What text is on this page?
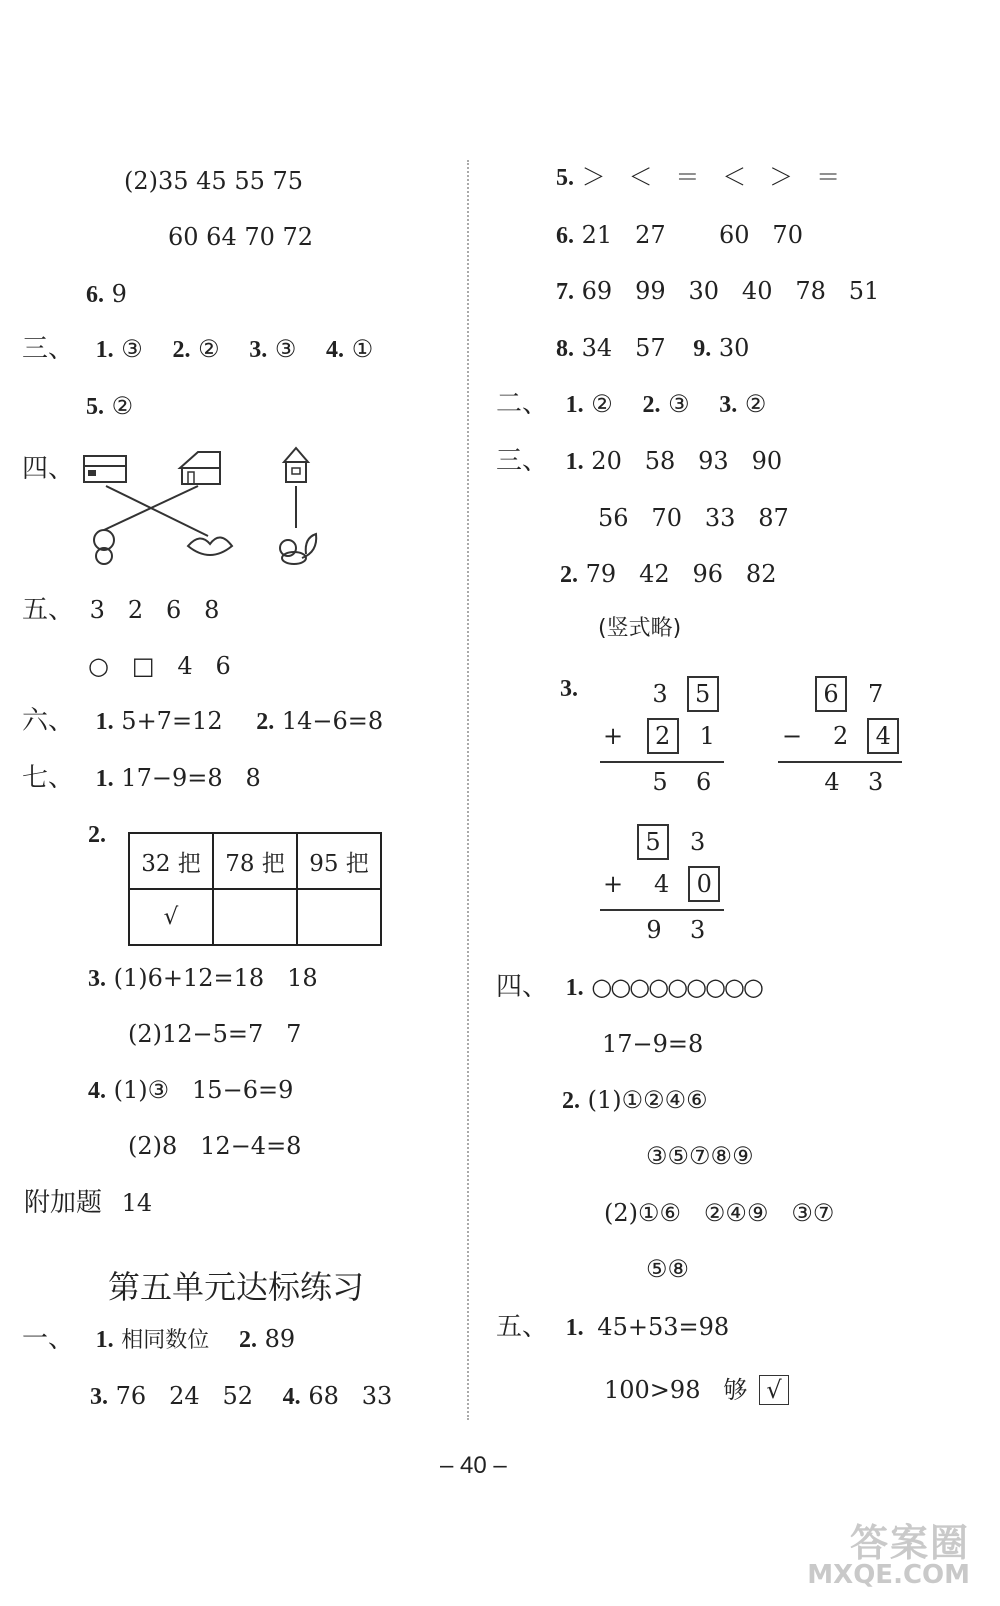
(2)35 45 55 75
60 64 70 72
6. 9
三、 1. ③ 2. ② 3. ③ 4. ①
5. ②
四、
五、 3   2   6   8
○   □   4   6
六、 1. 5+7=12 2. 14−6=8
七、 1. 17−9=8   8
2.
32 把	78 把	95 把
√		
3. (1)6+12=18   18
(2)12−5=7   7
4. (1)③   15−6=9
(2)8   12−4=8
附加题 14
第五单元达标练习
一、 1. 相同数位 2. 89
3. 76   24   52 4. 68   33
5. ＞   ＜   ＝   ＜   ＞   ＝
6. 21   27       60   70
7. 69   99   30   40   78   51
8. 34   57 9. 30
二、 1. ② 2. ③ 3. ②
三、 1. 20   58   93   90
56   70   33   87
2. 79   42   96   82
(竖式略)
3.	3 5
+ 2 1
5 6
6 7
− 2 4
4 3
5 3
+ 4 0
9 3
四、 1. ○○○○○○○○○
17−9=8
2. (1)①②④⑥
③⑤⑦⑧⑨
(2)①⑥   ②④⑨   ③⑦
⑤⑧
五、 1. 45+53=98
100>98   够 √
– 40 –
答案圈
MXQE.COM
